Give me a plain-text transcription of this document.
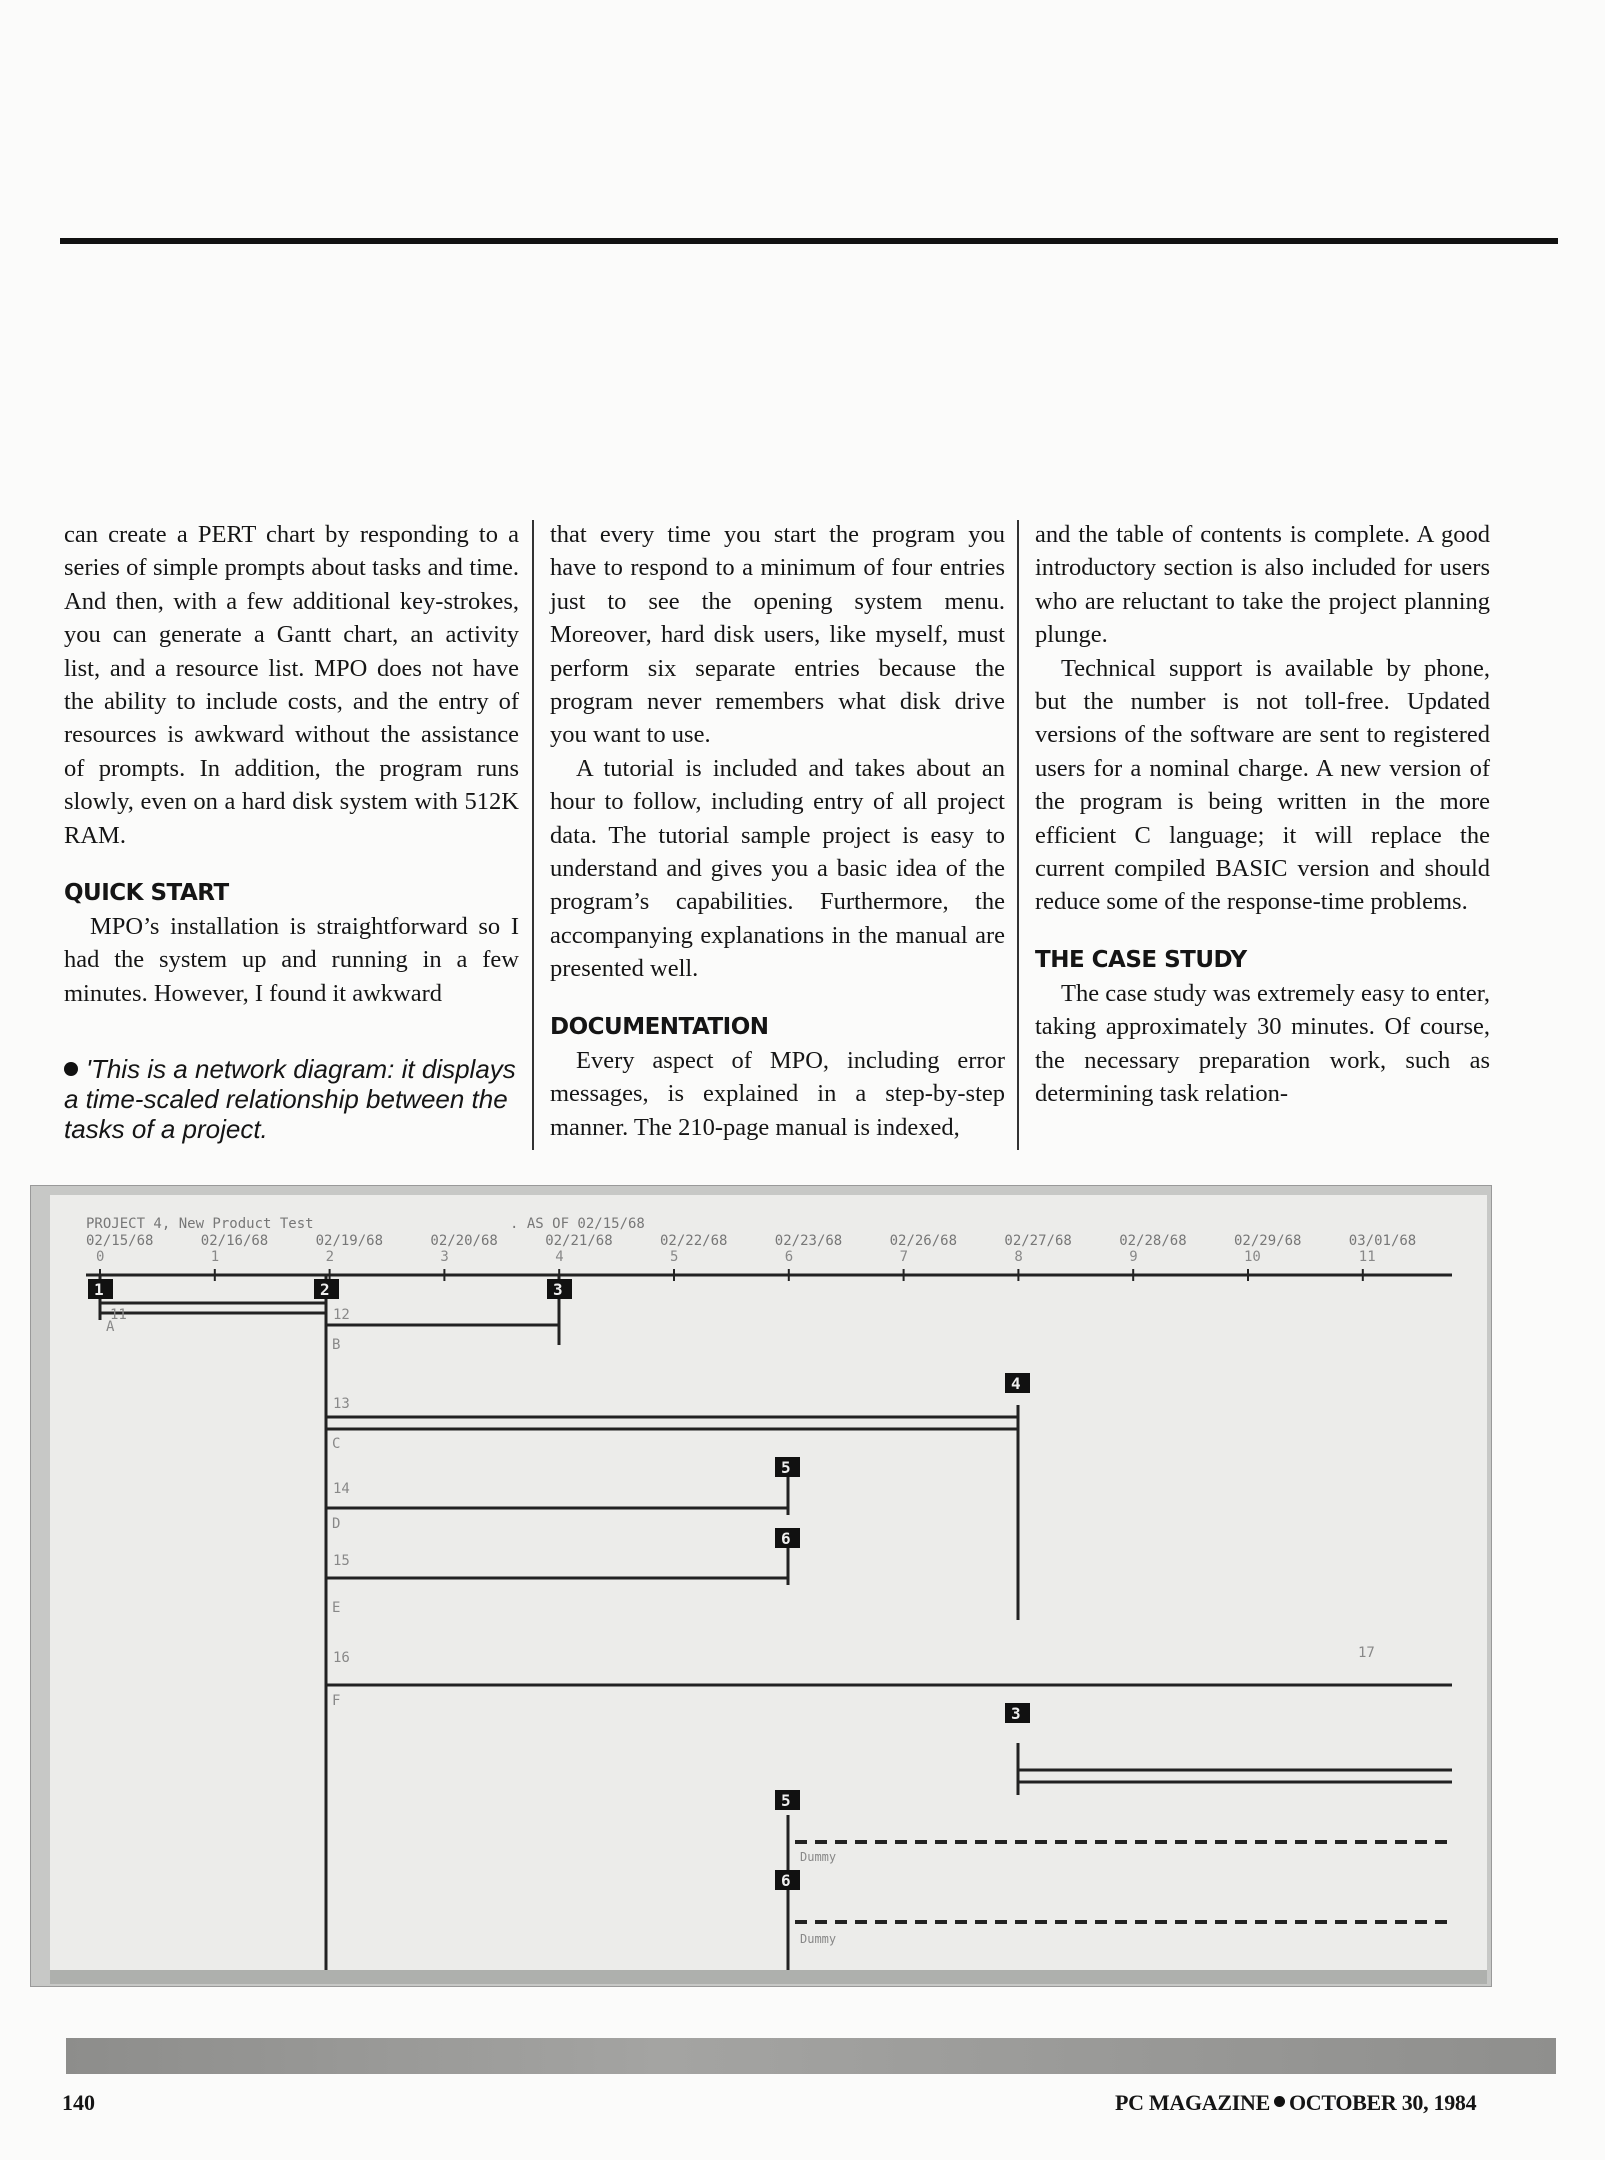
can create a PERT chart by responding to a series of simple prompts about tasks and time. And then, with a few additional key-strokes, you can generate a Gantt chart, an activity list, and a resource list. MPO does not have the ability to include costs, and the entry of resources is awkward without the assistance of prompts. In addition, the program runs slowly, even on a hard disk system with 512K RAM.

QUICK START

MPO’s installation is straightforward so I had the system up and running in a few minutes. However, I found it awkward

'This is a network diagram: it displays a time-scaled relationship between the tasks of a project.

that every time you start the program you have to respond to a minimum of four entries just to see the opening system menu. Moreover, hard disk users, like myself, must perform six separate entries because the program never remembers what disk drive you want to use.

A tutorial is included and takes about an hour to follow, including entry of all project data. The tutorial sample project is easy to understand and gives you a basic idea of the program’s capabilities. Furthermore, the accompanying explanations in the manual are presented well.

DOCUMENTATION

Every aspect of MPO, including error messages, is explained in a step-by-step manner. The 210-page manual is indexed,

and the table of contents is complete. A good introductory section is also included for users who are reluctant to take the project planning plunge.

Technical support is available by phone, but the number is not toll-free. Updated versions of the software are sent to registered users for a nominal charge. A new version of the program is being written in the more efficient C language; it will replace the current compiled BASIC version and should reduce some of the response-time problems.

THE CASE STUDY

The case study was extremely easy to enter, taking approximately 30 minutes. Of course, the necessary preparation work, such as determining task relation-

PROJECT 4, New Product Test	. AS OF 02/15/68
02/15/68	02/16/68	02/19/68	02/20/68	02/21/68	02/22/68	02/23/68	02/26/68	02/27/68	02/28/68	02/29/68	03/01/68
0	1	2	3	4	5	6	7	8	9	10	11
1	2	3
4
5
6
3
5
6
11
A
12
B
13
C
14
D
15
E
16
F
17
Dummy
Dummy
140	PC MAGAZINE OCTOBER 30, 1984
